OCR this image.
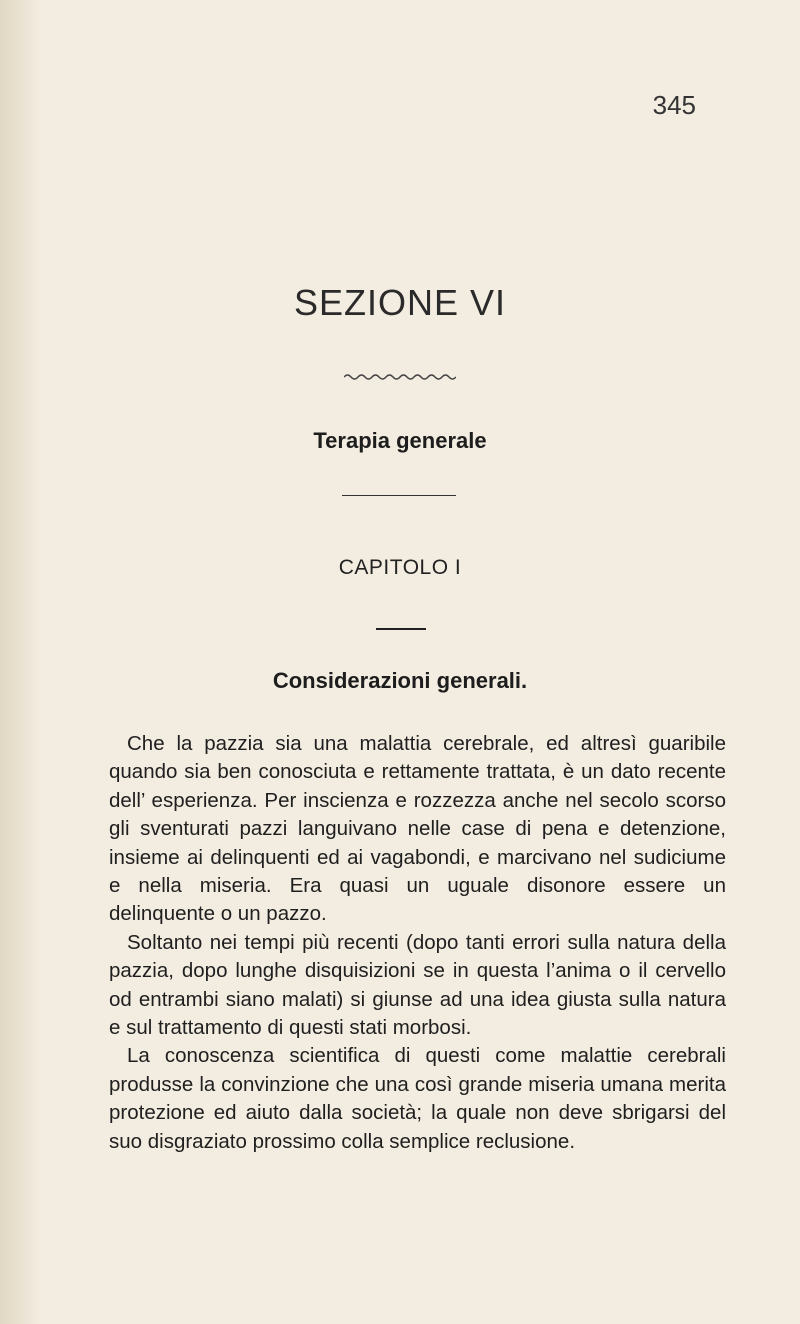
345
SEZIONE VI
Terapia generale
CAPITOLO I
Considerazioni generali.

Che la pazzia sia una malattia cerebrale, ed altresì guaribile quando sia ben conosciuta e rettamente trattata, è un dato recente dell’ esperienza. Per inscienza e rozzezza anche nel secolo scorso gli sventurati pazzi languivano nelle case di pena e detenzione, insieme ai delinquenti ed ai vagabondi, e marcivano nel sudiciume e nella miseria. Era quasi un uguale disonore essere un delinquente o un pazzo.

Soltanto nei tempi più recenti (dopo tanti errori sulla natura della pazzia, dopo lunghe disquisizioni se in questa l’anima o il cervello od entrambi siano malati) si giunse ad una idea giusta sulla natura e sul trattamento di questi stati morbosi.

La conoscenza scientifica di questi come malattie cerebrali produsse la convinzione che una così grande miseria umana merita protezione ed aiuto dalla società; la quale non deve sbrigarsi del suo disgraziato prossimo colla semplice reclusione.
